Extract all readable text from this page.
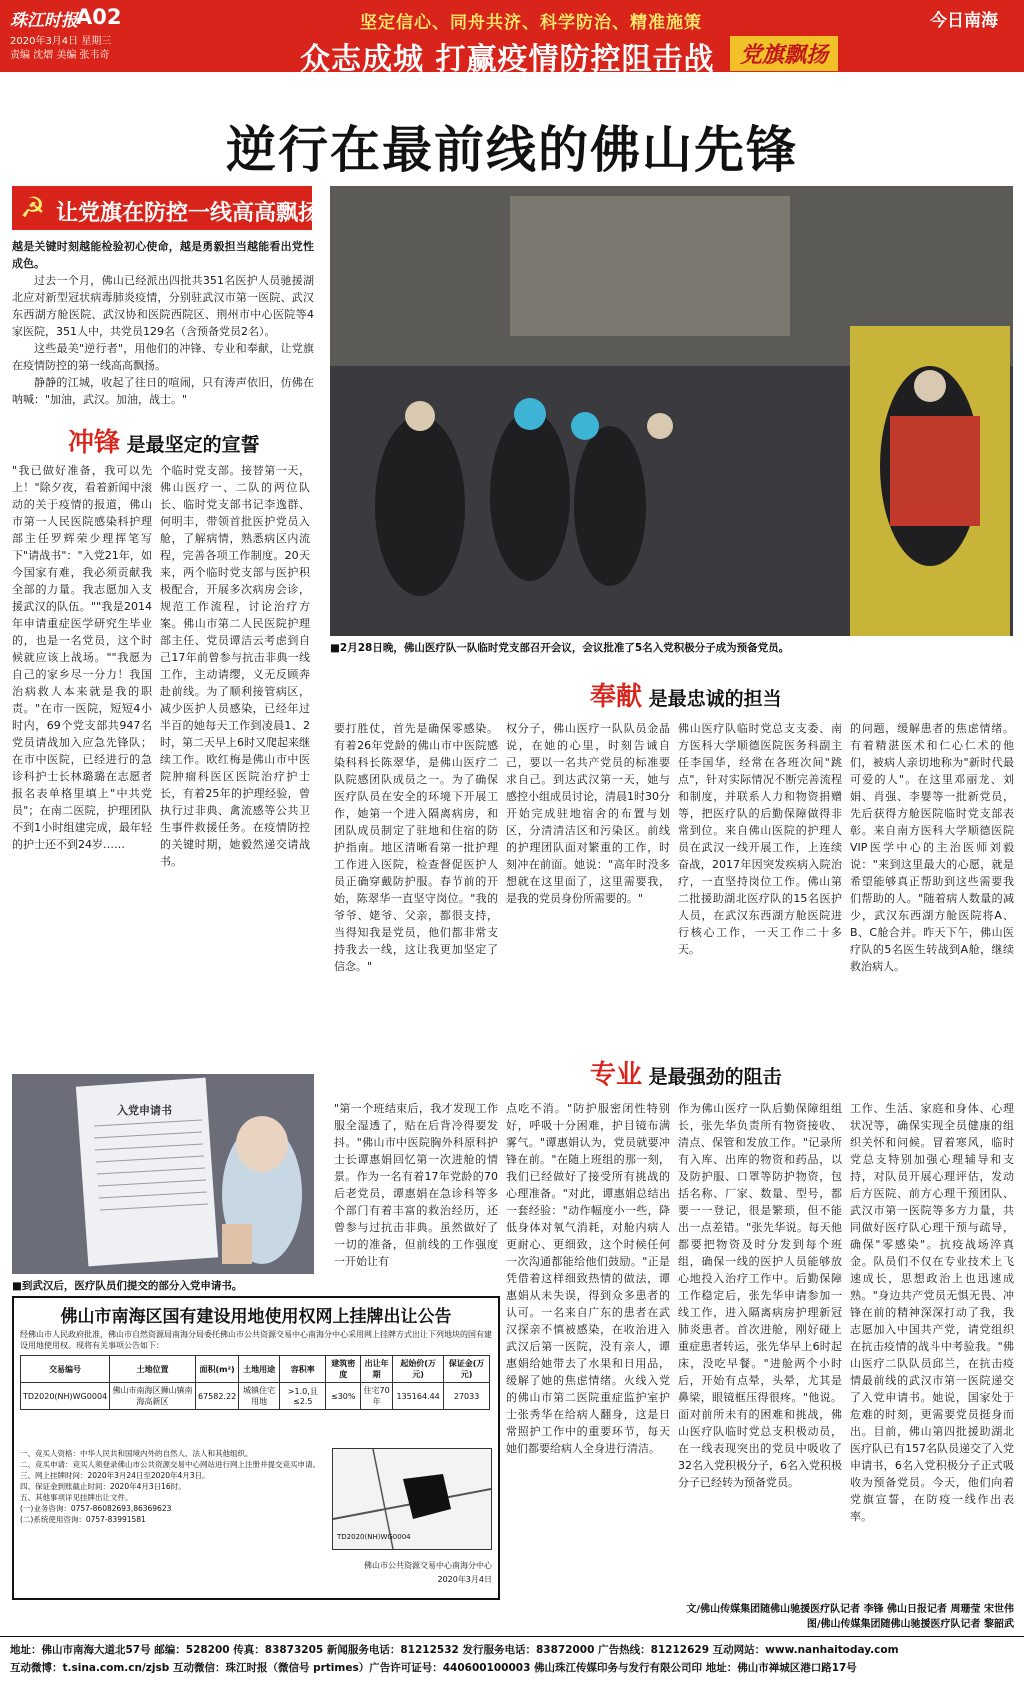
珠江时报
A02
2020年3月4日 星期三
责编 沈熠 美编 张韦奇
坚定信心、同舟共济、科学防治、精准施策
众志成城 打赢疫情防控阻击战	党旗飘扬
今日南海
逆行在最前线的佛山先锋
☭ 让党旗在防控一线高高飘扬
越是关键时刻越能检验初心使命，越是勇毅担当越能看出党性成色。
过去一个月，佛山已经派出四批共351名医护人员驰援湖北应对新型冠状病毒肺炎疫情，分别驻武汉市第一医院、武汉东西湖方舱医院、武汉协和医院西院区、荆州市中心医院等4家医院，351人中，共党员129名（含预备党员2名）。
这些最美"逆行者"，用他们的冲锋、专业和奉献，让党旗在疫情防控的第一线高高飘扬。
静静的江城，收起了往日的喧闹，只有涛声依旧，仿佛在呐喊："加油，武汉。加油，战士。"
冲锋 是最坚定的宣誓
"我已做好准备，我可以先上！"除夕夜，看着新闻中滚动的关于疫情的报道，佛山市第一人民医院感染科护理部主任罗辉荣少理挥笔写下"请战书"："入党21年，如今国家有难，我必须贡献我全部的力量。我志愿加入支援武汉的队伍。""我是2014年申请重症医学研究生毕业的，也是一名党员，这个时候就应该上战场。""我愿为自己的家乡尽一分力！我国治病救人本来就是我的职责。"在市一医院，短短4小时内，69个党支部共947名党员请战加入应急先锋队；在市中医院，已经进行的急诊科护士长林璐璐在志愿者报名表单格里填上"中共党员"；在南二医院，护理团队不到1小时组建完成，最年轻的护士还不到24岁……
个临时党支部。接替第一天，佛山医疗一、二队的两位队长、临时党支部书记李逸群、何明丰，带领首批医护党员入舱，了解病情，熟悉病区内流程，完善各项工作制度。20天来，两个临时党支部与医护积极配合，开展多次病房会诊，规范工作流程，讨论治疗方案。佛山市第二人民医院护理部主任、党员谭洁云考虑到自己17年前曾参与抗击非典一线工作，主动请缨，义无反顾奔赴前线。为了顺利接管病区，减少医护人员感染，已经年过半百的她每天工作到凌晨1、2时，第二天早上6时又爬起来继续工作。欧红梅是佛山市中医院肿瘤科医区医院治疗护士长，有着25年的护理经验，曾执行过非典、禽流感等公共卫生事件救援任务。在疫情防控的关键时期，她毅然递交请战书。
■2月28日晚，佛山医疗队一队临时党支部召开会议，会议批准了5名入党积极分子成为预备党员。
奉献 是最忠诚的担当
要打胜仗，首先是确保零感染。有着26年党龄的佛山市中医院感染科科长陈翠华，是佛山医疗二队院感团队成员之一。为了确保医疗队员在安全的环境下开展工作，她第一个进入隔离病房，和团队成员制定了驻地和住宿的防护指南。地区清晰看第一批护理工作进入医院，检查督促医护人员正确穿戴防护服。春节前的开始，陈翠华一直坚守岗位。"我的爷爷、姥爷、父亲，都很支持，当得知我是党员，他们都非常支持我去一线，这让我更加坚定了信念。"
权分子，佛山医疗一队队员金晶说，在她的心里，时刻告诫自己，要以一名共产党员的标准要求自己。到达武汉第一天，她与感控小组成员讨论，清晨1时30分开始完成驻地宿舍的布置与划区，分清清洁区和污染区。前线的护理团队面对繁重的工作，时刻冲在前面。她说："高年时没多想就在这里面了，这里需要我，是我的党员身份所需要的。"
佛山医疗队临时党总支支委、南方医科大学顺德医院医务科副主任李国华，经常在各班次间"跳点"，针对实际情况不断完善流程和制度，并联系人力和物资捐赠等，把医疗队的后勤保障做得非常到位。来自佛山医院的护理人员在武汉一线开展工作，上连续奋战，2017年因突发疾病入院治疗，一直坚持岗位工作。佛山第二批援助湖北医疗队的15名医护人员，在武汉东西湖方舱医院进行核心工作，一天工作二十多天。
的问题，缓解患者的焦虑情绪。有着精湛医术和仁心仁术的他们，被病人亲切地称为"新时代最可爱的人"。在这里邓丽龙、刘娟、肖强、李婴等一批新党员，先后获得方舱医院临时党支部表彰。来自南方医科大学顺德医院VIP医学中心的主治医师刘毅说："来到这里最大的心愿，就是希望能够真正帮助到这些需要我们帮助的人。"随着病人数量的减少，武汉东西湖方舱医院将A、B、C舱合并。昨天下午，佛山医疗队的5名医生转战到A舱，继续救治病人。
专业 是最强劲的阻击
入党申请书
■到武汉后，医疗队员们提交的部分入党申请书。
"第一个班结束后，我才发现工作服全湿透了，贴在后背冷得要发抖。"佛山市中医院胸外科原科护士长谭惠娟回忆第一次进舱的情景。作为一名有着17年党龄的70后老党员，谭惠娟在急诊科等多个部门有着丰富的救治经历，还曾参与过抗击非典。虽然做好了一切的准备，但前线的工作强度一开始让有
点吃不消。"防护服密闭性特别好，呼吸十分困难，护目镜布满雾气。"谭惠娟认为，党员就要冲锋在前。"在随上班组的那一刻，我们已经做好了接受所有挑战的心理准备。"对此，谭惠娟总结出一套经验："动作幅度小一些，降低身体对氧气消耗，对舱内病人更耐心、更细致，这个时候任何一次沟通都能给他们鼓励。"正是凭借着这样细致热情的做法，谭惠娟从未失误，得到众多患者的认可。一名来自广东的患者在武汉探亲不慎被感染，在收治进入武汉后第一医院，没有亲人，谭惠娟给她带去了水果和日用品，缓解了她的焦虑情绪。火线入党的佛山市第二医院重症监护室护士张秀华在给病人翻身，这是日常照护工作中的重要环节，每天她们都要给病人全身进行清洁。
作为佛山医疗一队后勤保障组组长，张先华负责所有物资接收、清点、保管和发放工作。"记录所有入库、出库的物资和药品，以及防护服、口罩等防护物资，包括名称、厂家、数量、型号，都要一一登记，很是繁琐，但不能出一点差错。"张先华说。每天他都要把物资及时分发到每个班组，确保一线的医护人员能够放心地投入治疗工作中。后勤保障工作稳定后，张先华申请参加一线工作，进入隔离病房护理新冠肺炎患者。首次进舱，刚好碰上重症患者转运，张先华早上6时起床，没吃早餐。"进舱两个小时后，开始有点晕，头晕，尤其是鼻梁，眼镜框压得很疼。"他说。面对前所未有的困难和挑战，佛山医疗队临时党总支积极动员，在一线表现突出的党员中吸收了32名入党积极分子，6名入党积极分子已经转为预备党员。
工作、生活、家庭和身体、心理状况等，确保实现全员健康的组织关怀和问候。冒着寒风，临时党总支特别加强心理辅导和支持，对队员开展心理评估，发动后方医院、前方心理干预团队、武汉市第一医院等多方力量，共同做好医疗队心理干预与疏导，确保"零感染"。抗疫战场淬真金。队员们不仅在专业技术上飞速成长，思想政治上也迅速成熟。"身边共产党员无惧无畏、冲锋在前的精神深深打动了我，我志愿加入中国共产党，请党组织在抗击疫情的战斗中考验我。"佛山医疗二队队员邱兰，在抗击疫情最前线的武汉市第一医院递交了入党申请书。她说，国家处于危难的时刻，更需要党员挺身而出。目前，佛山第四批援助湖北医疗队已有157名队员递交了入党申请书，6名入党积极分子正式吸收为预备党员。今天，他们向着党旗宣誓，在防疫一线作出表率。
佛山市南海区国有建设用地使用权网上挂牌出让公告
经佛山市人民政府批准，佛山市自然资源局南海分局委托佛山市公共资源交易中心南海分中心采用网上挂牌方式出让下列地块的国有建设用地使用权。现将有关事项公告如下：
交易编号	土地位置	面积(m²)	土地用途	容积率	建筑密度	出让年期	起始价(万元)	保证金(万元)
TD2020(NH)WG0004	佛山市南海区狮山镇南海高新区	67582.22	城镇住宅用地	>1.0,且≤2.5	≤30%	住宅70年	135164.44	27033
一、竞买人资格：中华人民共和国境内外的自然人、法人和其他组织。
二、竞买申请：竞买人须登录佛山市公共资源交易中心网站进行网上注册并提交竞买申请。
三、网上挂牌时间：2020年3月24日至2020年4月3日。
四、保证金到账截止时间：2020年4月3日16时。
五、其他事项详见挂牌出让文件。
(一)业务咨询：0757-86082693,86369623
(二)系统使用咨询：0757-83991581
TD2020(NH)WG0004
佛山市公共资源交易中心南海分中心
2020年3月4日
文/佛山传媒集团随佛山驰援医疗队记者 李锋 佛山日报记者 周珊莹 宋世伟
图/佛山传媒集团随佛山驰援医疗队记者 黎韶武
地址：佛山市南海大道北57号 邮编：528200 传真：83873205 新闻服务电话：81212532 发行服务电话：83872000 广告热线：81212629 互动网站：www.nanhaitoday.com
互动微博：t.sina.com.cn/zjsb 互动微信：珠江时报（微信号 prtimes）广告许可证号：440600100003 佛山珠江传媒印务与发行有限公司印 地址：佛山市禅城区港口路17号
